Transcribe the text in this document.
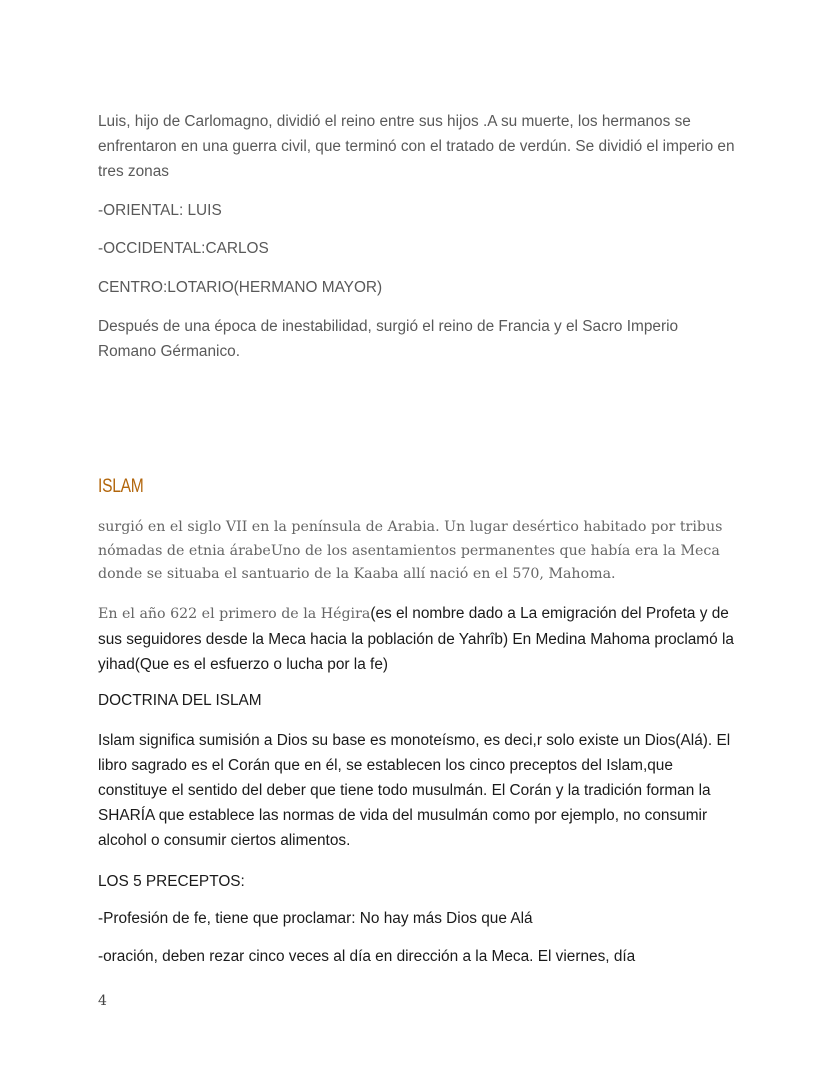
Luis, hijo de Carlomagno, dividió el reino entre sus hijos .A su muerte, los hermanos se enfrentaron en una guerra civil, que terminó con el tratado de verdún. Se dividió el imperio en tres zonas

-ORIENTAL: LUIS

-OCCIDENTAL:CARLOS

CENTRO:LOTARIO(HERMANO MAYOR)

Después de una época de inestabilidad, surgió el reino de Francia y el Sacro Imperio Romano Gérmanico.

ISLAM

surgió en el siglo VII en la península de Arabia. Un lugar desértico habitado por tribus nómadas de etnia árabeUno de los asentamientos permanentes que había era la Meca donde se situaba el santuario de la Kaaba allí nació en el 570, Mahoma.

En el año 622 el primero de la Hégira(es el nombre dado a La emigración del Profeta y de sus seguidores desde la Meca hacia la población de Yahrîb) En Medina Mahoma proclamó la yihad(Que es el esfuerzo o lucha por la fe)

DOCTRINA DEL ISLAM

Islam significa sumisión a Dios su base es monoteísmo, es deci,r solo existe un Dios(Alá). El libro sagrado es el Corán que en él, se establecen los cinco preceptos del Islam,que constituye el sentido del deber que tiene todo musulmán. El Corán y la tradición forman la SHARÍA que establece las normas de vida del musulmán como por ejemplo, no consumir alcohol o consumir ciertos alimentos.

LOS 5 PRECEPTOS:

-Profesión de fe, tiene que proclamar: No hay más Dios que Alá

-oración, deben rezar cinco veces al día en dirección a la Meca. El viernes, día

4
